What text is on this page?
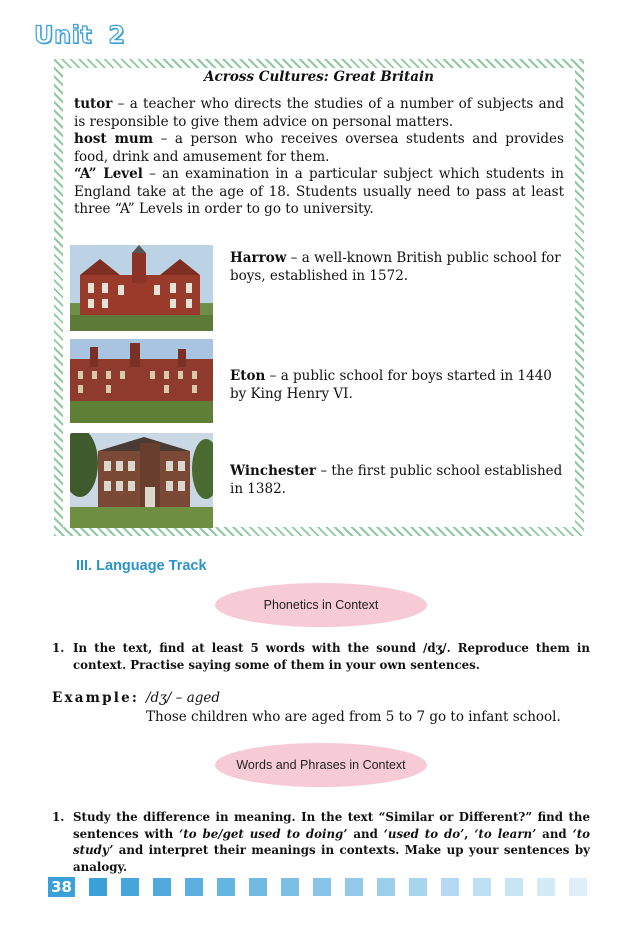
Unit 2
Across Cultures: Great Britain

tutor – a teacher who directs the studies of a number of subjects and is responsible to give them advice on personal matters.

host mum – a person who receives oversea students and provides food, drink and amusement for them.

“A” Level – an examination in a particular subject which students in England take at the age of 18. Students usually need to pass at least three “A” Levels in order to go to university.

Harrow – a well-known British public school for boys, established in 1572.
Eton – a public school for boys started in 1440 by King Henry VI.
Winchester – the first public school established in 1382.
III. Language Track
Phonetics in Context
1. In the text, find at least 5 words with the sound /dʒ/. Reproduce them in context. Practise saying some of them in your own sentences.
Example: /dʒ/ – aged
Those children who are aged from 5 to 7 go to infant school.
Words and Phrases in Context
1. Study the difference in meaning. In the text “Similar or Different?” find the sentences with ‘to be/get used to doing’ and ‘used to do’, ‘to learn’ and ‘to study’ and interpret their meanings in contexts. Make up your sentences by analogy.
38
